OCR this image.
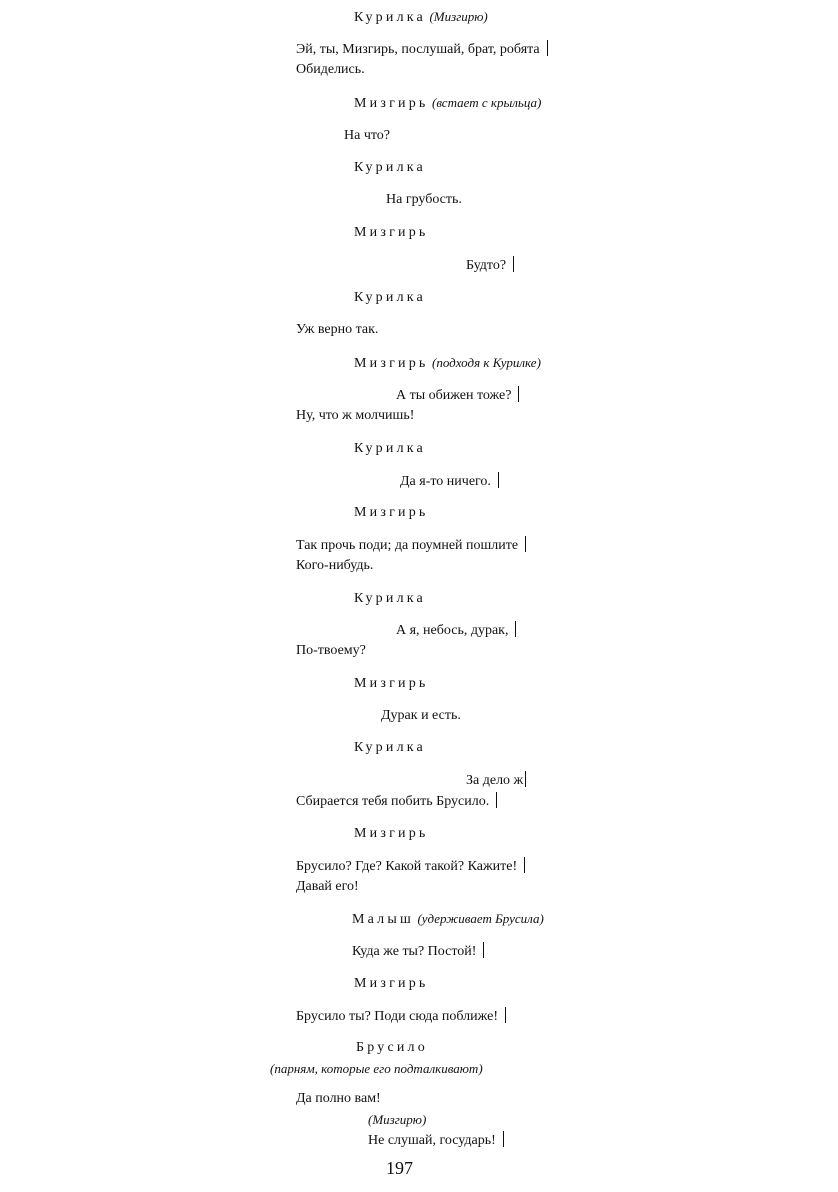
Курилка (Мизгирю)
Эй, ты, Мизгирь, послушай, брат, робята
Обиделись.
Мизгирь (встает с крыльца)
На что?
Курилка
На грубость.
Мизгирь
Будто?
Курилка
Уж верно так.
Мизгирь (подходя к Курилке)
А ты обижен тоже?
Ну, что ж молчишь!
Курилка
Да я-то ничего.
Мизгирь
Так прочь поди; да поумней пошлите
Кого-нибудь.
Курилка
А я, небось, дурак,
По-твоему?
Мизгирь
Дурак и есть.
Курилка
За дело ж
Сбирается тебя побить Брусило.
Мизгирь
Брусило? Где? Какой такой? Кажите!
Давай его!
Малыш (удерживает Брусила)
Куда же ты? Постой!
Мизгирь
Брусило ты? Поди сюда поближе!
Брусило
(парням, которые его подталкивают)
Да полно вам!
(Мизгирю)
Не слушай, государь!
197
